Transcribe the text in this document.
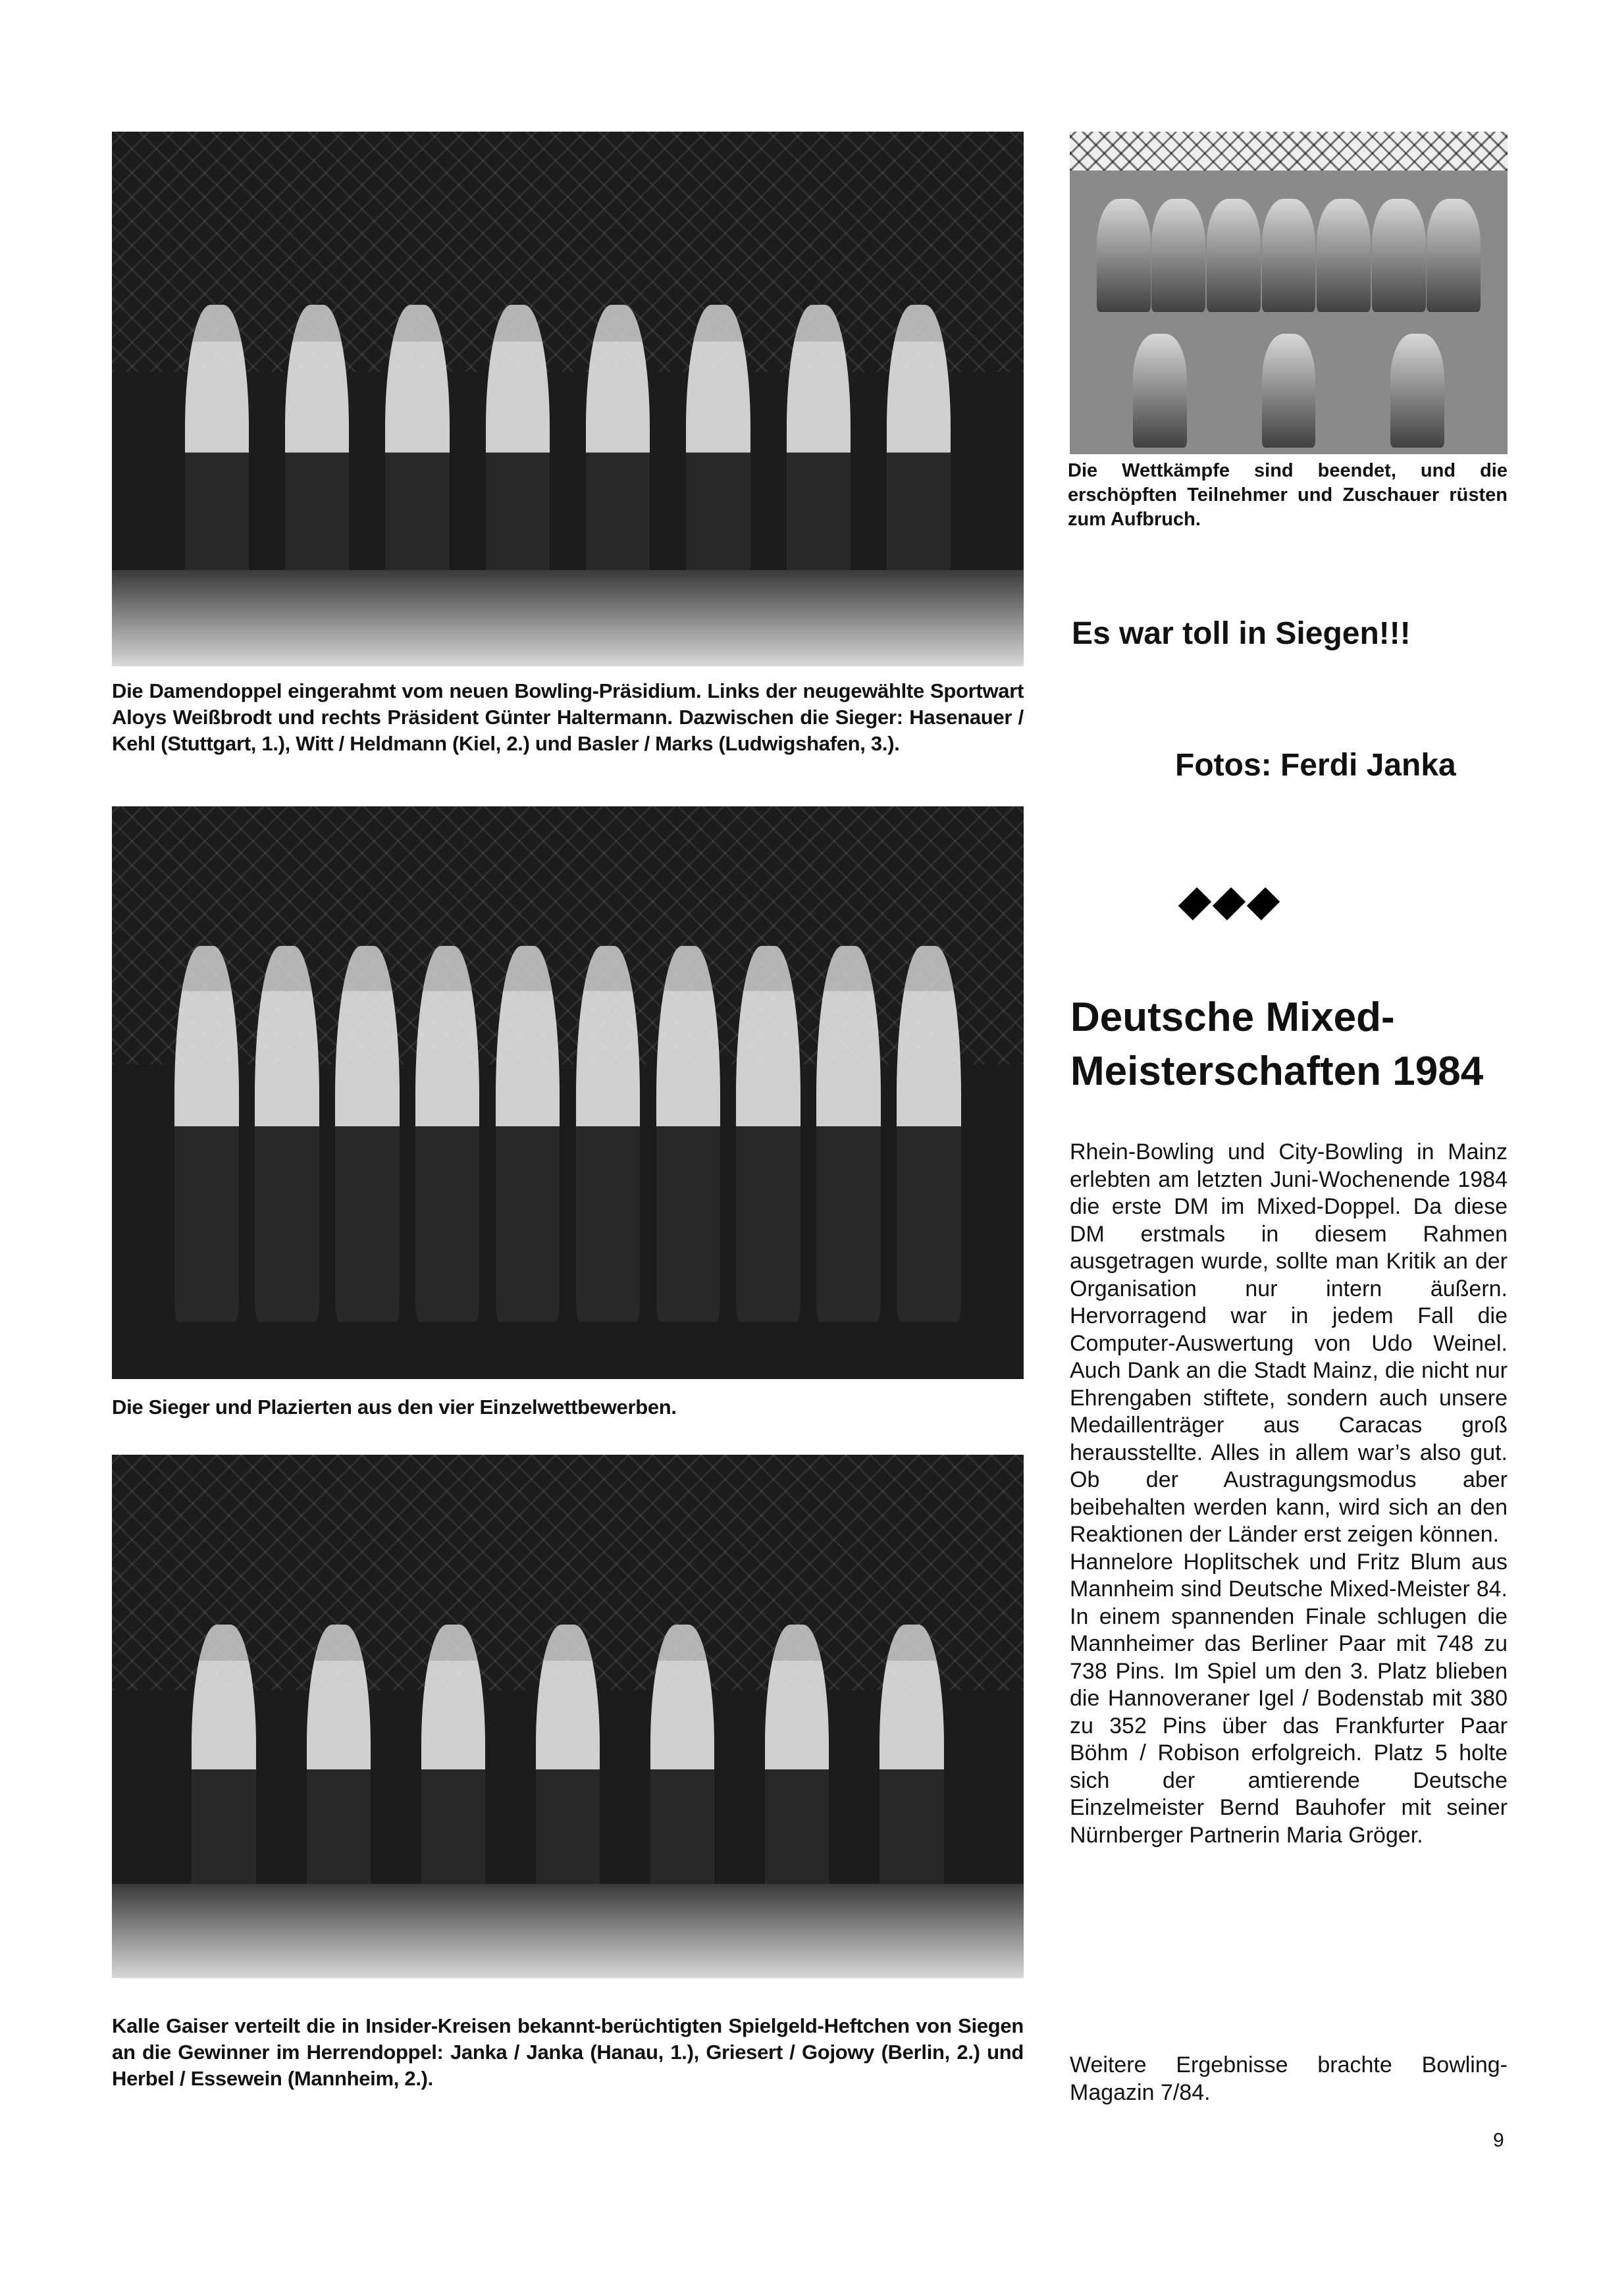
Die Damendoppel eingerahmt vom neuen Bowling-Präsidium. Links der neugewählte Sportwart Aloys Weißbrodt und rechts Präsident Günter Haltermann. Dazwischen die Sieger: Hasenauer / Kehl (Stuttgart, 1.), Witt / Heldmann (Kiel, 2.) und Basler / Marks (Ludwigshafen, 3.).
Die Wettkämpfe sind beendet, und die erschöpften Teilnehmer und Zuschauer rüsten zum Aufbruch.
Es war toll in Siegen!!!
Fotos: Ferdi Janka
Deutsche Mixed-
Meisterschaften 1984

Rhein-Bowling und City-Bowling in Mainz erlebten am letzten Juni-Wochenende 1984 die erste DM im Mixed-Doppel. Da diese DM erstmals in diesem Rahmen ausgetragen wurde, sollte man Kritik an der Organisation nur intern äußern. Hervorragend war in jedem Fall die Computer-Auswertung von Udo Weinel. Auch Dank an die Stadt Mainz, die nicht nur Ehrengaben stiftete, sondern auch unsere Medaillenträger aus Caracas groß herausstellte. Alles in allem war’s also gut. Ob der Austragungsmodus aber beibehalten werden kann, wird sich an den Reaktionen der Länder erst zeigen können.

Hannelore Hoplitschek und Fritz Blum aus Mannheim sind Deutsche Mixed-Meister 84. In einem spannenden Finale schlugen die Mannheimer das Berliner Paar mit 748 zu 738 Pins. Im Spiel um den 3. Platz blieben die Hannoveraner Igel / Bodenstab mit 380 zu 352 Pins über das Frankfurter Paar Böhm / Robison erfolgreich. Platz 5 holte sich der amtierende Deutsche Einzelmeister Bernd Bauhofer mit seiner Nürnberger Partnerin Maria Gröger.

Weitere Ergebnisse brachte Bowling-Magazin 7/84.
Die Sieger und Plazierten aus den vier Einzelwettbewerben.
Kalle Gaiser verteilt die in Insider-Kreisen bekannt-berüchtigten Spielgeld-Heftchen von Siegen an die Gewinner im Herrendoppel: Janka / Janka (Hanau, 1.), Griesert / Gojowy (Berlin, 2.) und Herbel / Essewein (Mannheim, 2.).
9
